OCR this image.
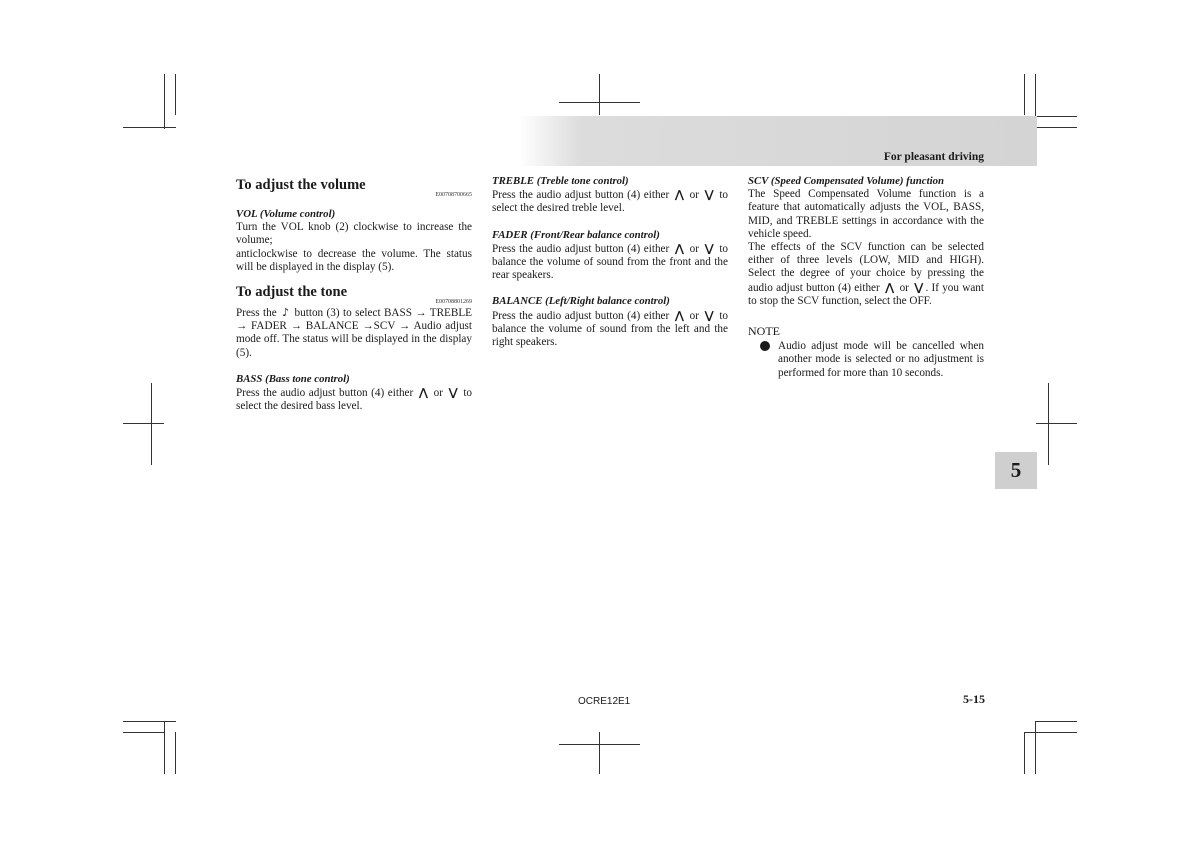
For pleasant driving
5
To adjust the volume
E00708700665
VOL (Volume control)

Turn the VOL knob (2) clockwise to increase the volume;

anticlockwise to decrease the volume. The status will be displayed in the display (5).

To adjust the tone
E00708801269

Press the ♪ button (3) to select BASS → TREBLE → FADER → BALANCE →SCV → Audio adjust mode off. The status will be displayed in the display (5).

BASS (Bass tone control)

Press the audio adjust button (4) either ⋀ or ⋁ to select the desired bass level.

TREBLE (Treble tone control)

Press the audio adjust button (4) either ⋀ or ⋁ to select the desired treble level.

FADER (Front/Rear balance control)

Press the audio adjust button (4) either ⋀ or ⋁ to balance the volume of sound from the front and the rear speakers.

BALANCE (Left/Right balance control)

Press the audio adjust button (4) either ⋀ or ⋁ to balance the volume of sound from the left and the right speakers.

SCV (Speed Compensated Volume) function

The Speed Compensated Volume function is a feature that automatically adjusts the VOL, BASS, MID, and TREBLE settings in accordance with the vehicle speed.

The effects of the SCV function can be selected either of three levels (LOW, MID and HIGH). Select the degree of your choice by pressing the audio adjust button (4) either ⋀ or ⋁ . If you want to stop the SCV function, select the OFF.

NOTE

Audio adjust mode will be cancelled when another mode is selected or no adjustment is performed for more than 10 seconds.

OCRE12E1	5-15
